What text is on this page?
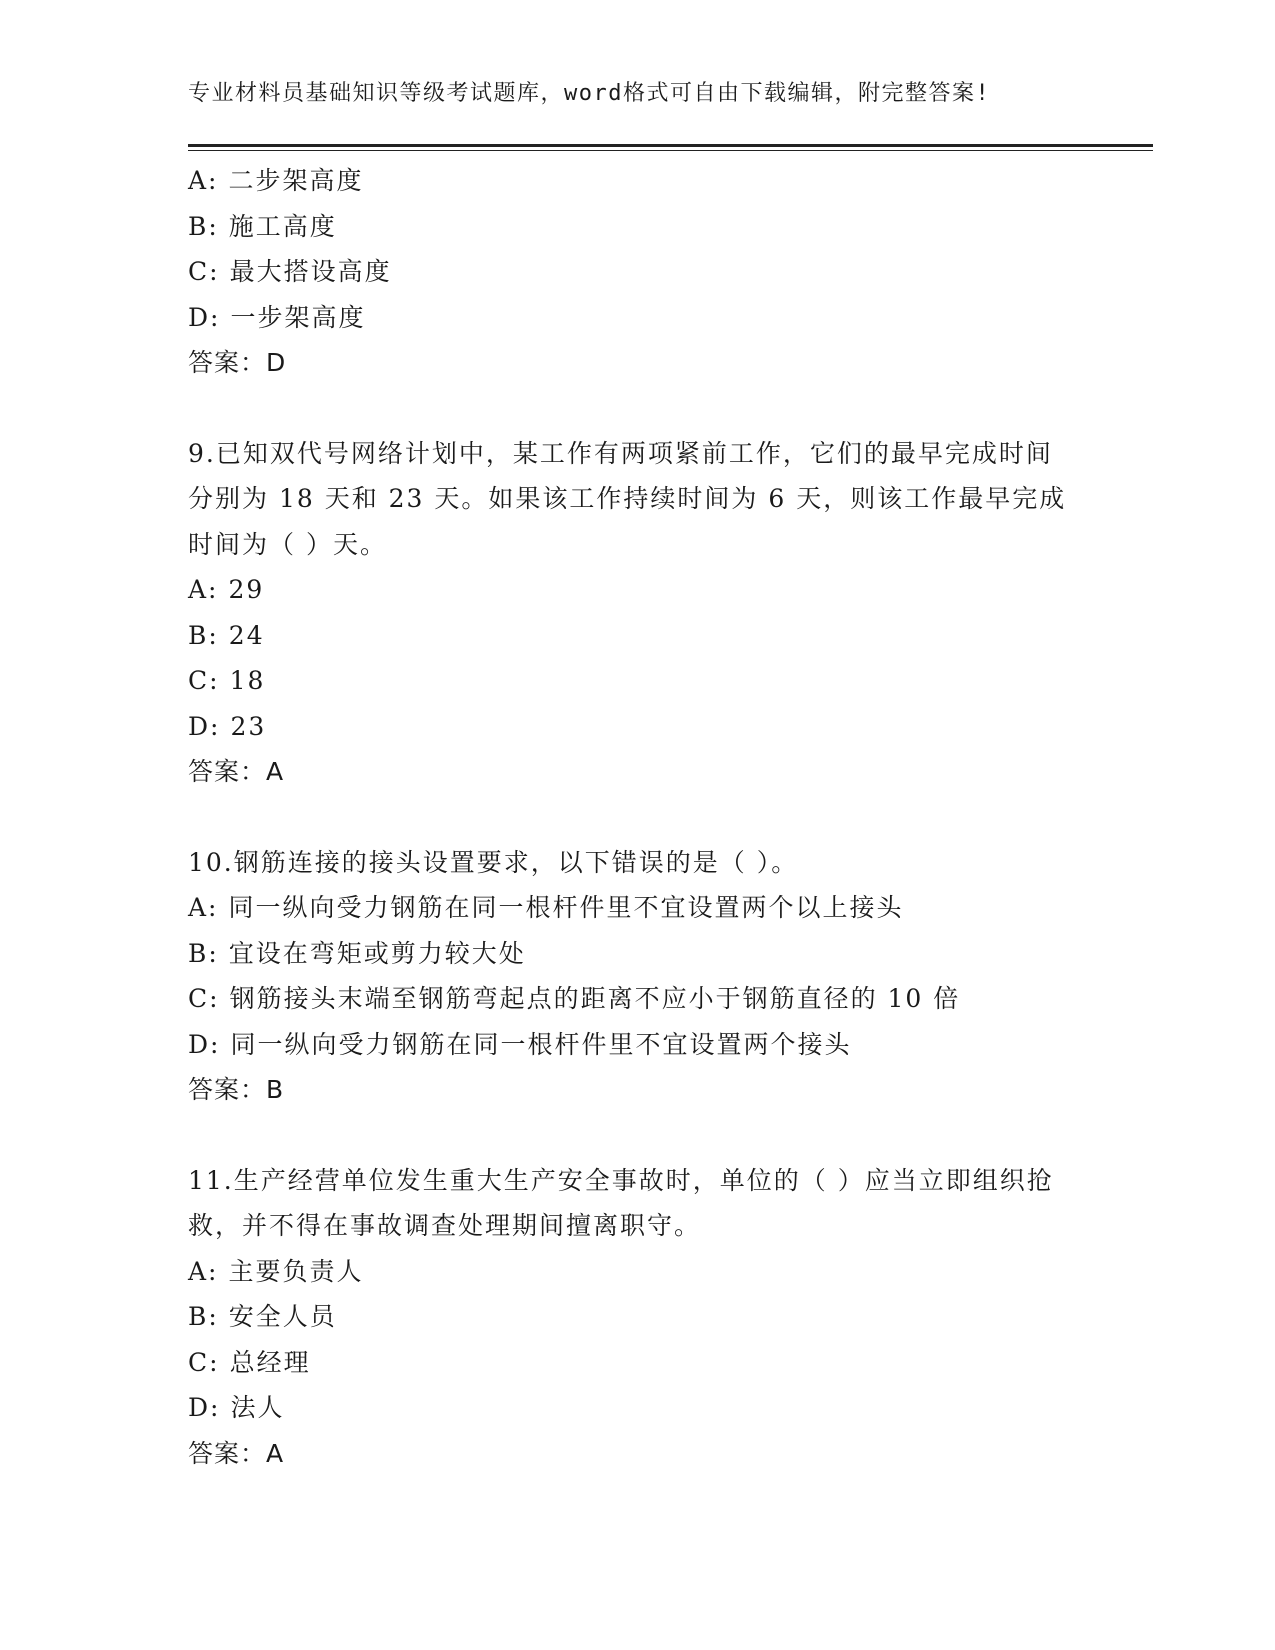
专业材料员基础知识等级考试题库，word格式可自由下载编辑，附完整答案!
A: 二步架高度
B: 施工高度
C: 最大搭设高度
D: 一步架高度
答案：D
9.已知双代号网络计划中，某工作有两项紧前工作，它们的最早完成时间分别为 18 天和 23 天。如果该工作持续时间为 6 天，则该工作最早完成时间为（ ）天。
A: 29
B: 24
C: 18
D: 23
答案：A
10.钢筋连接的接头设置要求，以下错误的是（ ）。
A: 同一纵向受力钢筋在同一根杆件里不宜设置两个以上接头
B: 宜设在弯矩或剪力较大处
C: 钢筋接头末端至钢筋弯起点的距离不应小于钢筋直径的 10 倍
D: 同一纵向受力钢筋在同一根杆件里不宜设置两个接头
答案：B
11.生产经营单位发生重大生产安全事故时，单位的（ ）应当立即组织抢救，并不得在事故调查处理期间擅离职守。
A: 主要负责人
B: 安全人员
C: 总经理
D: 法人
答案：A
